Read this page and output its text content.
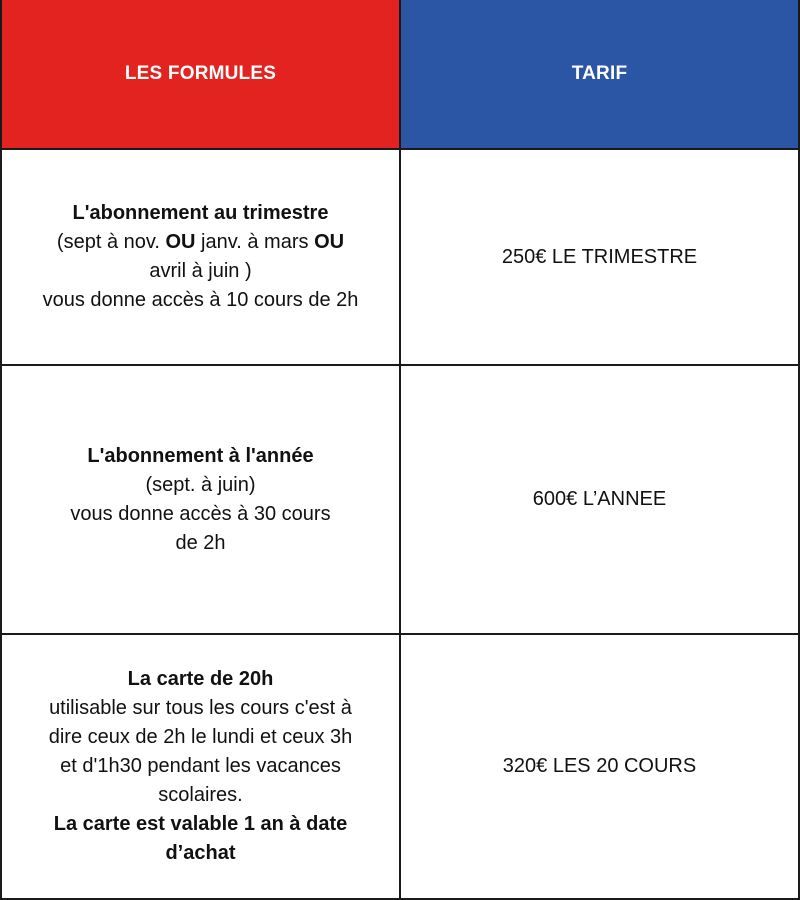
LES FORMULES	TARIF
L'abonnement au trimestre
(sept à nov. OU janv. à mars OU
avril à juin )
vous donne accès à 10 cours de 2h
250€ LE TRIMESTRE
L'abonnement à l'année
(sept. à juin)
vous donne accès à 30 cours
de 2h
600€ L’ANNEE
La carte de 20h
utilisable sur tous les cours c'est à
dire ceux de 2h le lundi et ceux 3h
et d'1h30 pendant les vacances
scolaires.
La carte est valable 1 an à date
d’achat
320€ LES 20 COURS
